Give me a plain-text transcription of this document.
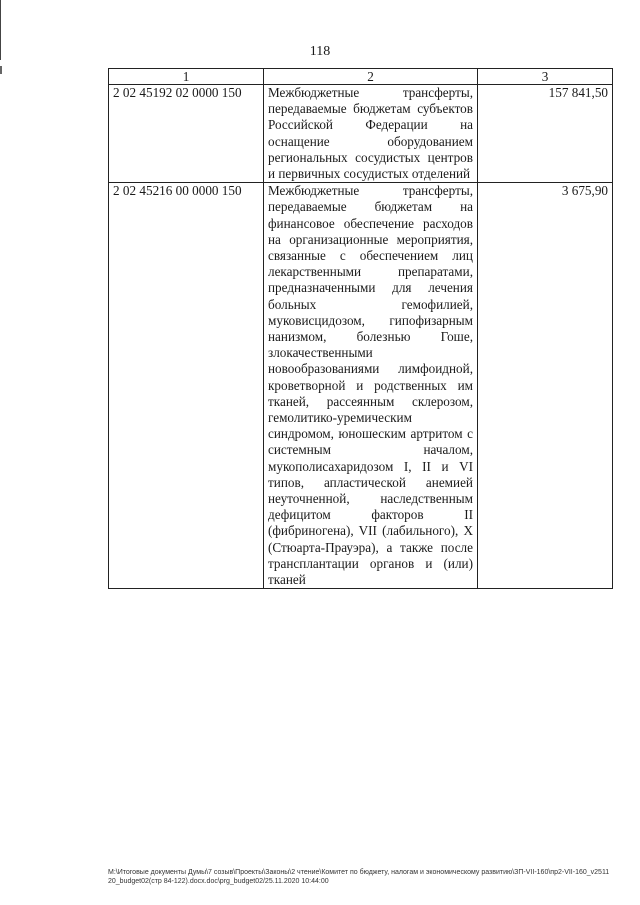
118
1	2	3
2 02 45192 02 0000 150	Межбюджетные трансферты, передаваемые бюджетам субъектов Российской Федерации на оснащение оборудованием региональных сосудистых центров и первичных сосудистых отделений	157 841,50
2 02 45216 00 0000 150	Межбюджетные трансферты, передаваемые бюджетам на финансовое обеспечение расходов на организационные мероприятия, связанные с обеспечением лиц лекарственными препаратами, предназначенными для лечения больных гемофилией, муковисцидозом, гипофизарным нанизмом, болезнью Гоше, злокачественными новообразованиями лимфоидной, кроветворной и родственных им тканей, рассеянным склерозом, гемолитико-уремическим синдромом, юношеским артритом с системным началом, мукополисахаридозом I, II и VI типов, апластической анемией неуточненной, наследственным дефицитом факторов II (фибриногена), VII (лабильного), X (Стюарта-Прауэра), а также после трансплантации органов и (или) тканей	3 675,90
M:\Итоговые документы Думы\7 созыв\Проекты\Законы\2 чтение\Комитет по бюджету, налогам и экономическому развитию\ЗП-VII-160\пр2-VII-160_v251120_budget02(стр 84-122).docx.doc\prg_budget02/25.11.2020 10:44:00
